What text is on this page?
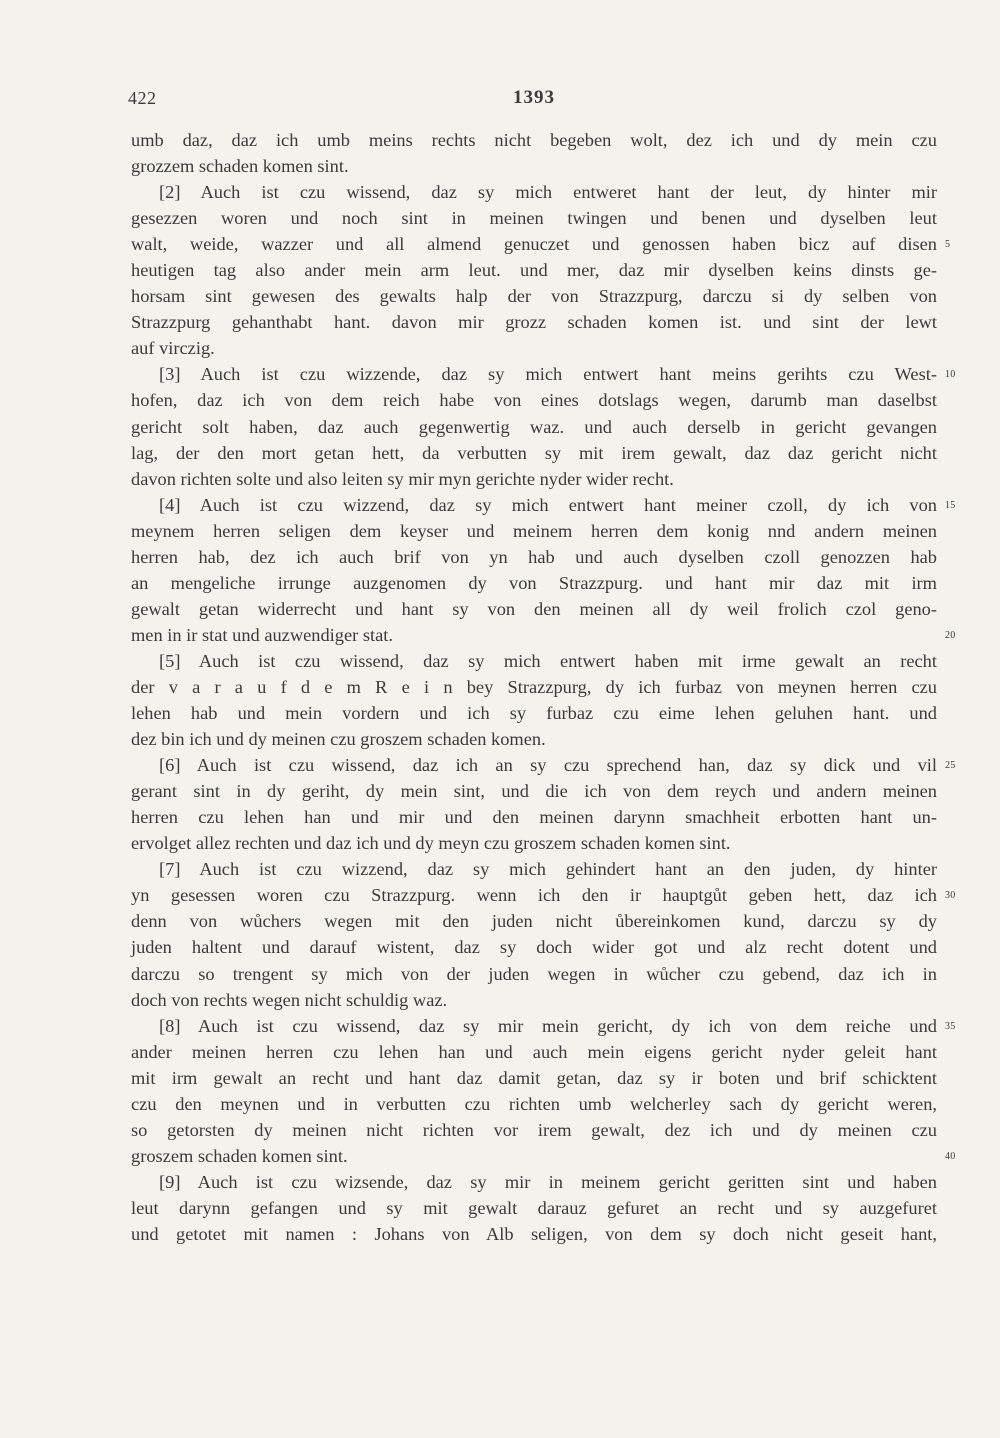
422	1393
umb daz, daz ich umb meins rechts nicht begeben wolt, dez ich und dy mein czu
grozzem schaden komen sint.
[2] Auch ist czu wissend, daz sy mich entweret hant der leut, dy hinter mir
gesezzen woren und noch sint in meinen twingen und benen und dyselben leut
walt, weide, wazzer und all almend genuczet und genossen haben bicz auf disen 5
heutigen tag also ander mein arm leut. und mer, daz mir dyselben keins dinsts ge-
horsam sint gewesen des gewalts halp der von Strazzpurg, darczu si dy selben von
Strazzpurg gehanthabt hant. davon mir grozz schaden komen ist. und sint der lewt
auf virczig.
[3] Auch ist czu wizzende, daz sy mich entwert hant meins gerihts czu West- 10
hofen, daz ich von dem reich habe von eines dotslags wegen, darumb man daselbst
gericht solt haben, daz auch gegenwertig waz. und auch derselb in gericht gevangen
lag, der den mort getan hett, da verbutten sy mit irem gewalt, daz daz gericht nicht
davon richten solte und also leiten sy mir myn gerichte nyder wider recht.
[4] Auch ist czu wizzend, daz sy mich entwert hant meiner czoll, dy ich von 15
meynem herren seligen dem keyser und meinem herren dem konig nnd andern meinen
herren hab, dez ich auch brif von yn hab und auch dyselben czoll genozzen hab
an mengeliche irrunge auzgenomen dy von Strazzpurg. und hant mir daz mit irm
gewalt getan widerrecht und hant sy von den meinen all dy weil frolich czol geno-
men in ir stat und auzwendiger stat.	20
[5] Auch ist czu wissend, daz sy mich entwert haben mit irme gewalt an recht
der v a r a u f d e m R e i n bey Strazzpurg, dy ich furbaz von meynen herren czu
lehen hab und mein vordern und ich sy furbaz czu eime lehen geluhen hant. und
dez bin ich und dy meinen czu groszem schaden komen.
[6] Auch ist czu wissend, daz ich an sy czu sprechend han, daz sy dick und vil 25
gerant sint in dy geriht, dy mein sint, und die ich von dem reych und andern meinen
herren czu lehen han und mir und den meinen darynn smachheit erbotten hant un-
ervolget allez rechten und daz ich und dy meyn czu groszem schaden komen sint.
[7] Auch ist czu wizzend, daz sy mich gehindert hant an den juden, dy hinter
yn gesessen woren czu Strazzpurg. wenn ich den ir hauptgůt geben hett, daz ich 30
denn von wůchers wegen mit den juden nicht ůbereinkomen kund, darczu sy dy
juden haltent und darauf wistent, daz sy doch wider got und alz recht dotent und
darczu so trengent sy mich von der juden wegen in wůcher czu gebend, daz ich in
doch von rechts wegen nicht schuldig waz.
[8] Auch ist czu wissend, daz sy mir mein gericht, dy ich von dem reiche und 35
ander meinen herren czu lehen han und auch mein eigens gericht nyder geleit hant
mit irm gewalt an recht und hant daz damit getan, daz sy ir boten und brif schicktent
czu den meynen und in verbutten czu richten umb welcherley sach dy gericht weren,
so getorsten dy meinen nicht richten vor irem gewalt, dez ich und dy meinen czu
groszem schaden komen sint.	40
[9] Auch ist czu wizsende, daz sy mir in meinem gericht geritten sint und haben
leut darynn gefangen und sy mit gewalt darauz gefuret an recht und sy auzgefuret
und getotet mit namen : Johans von Alb seligen, von dem sy doch nicht geseit hant,
